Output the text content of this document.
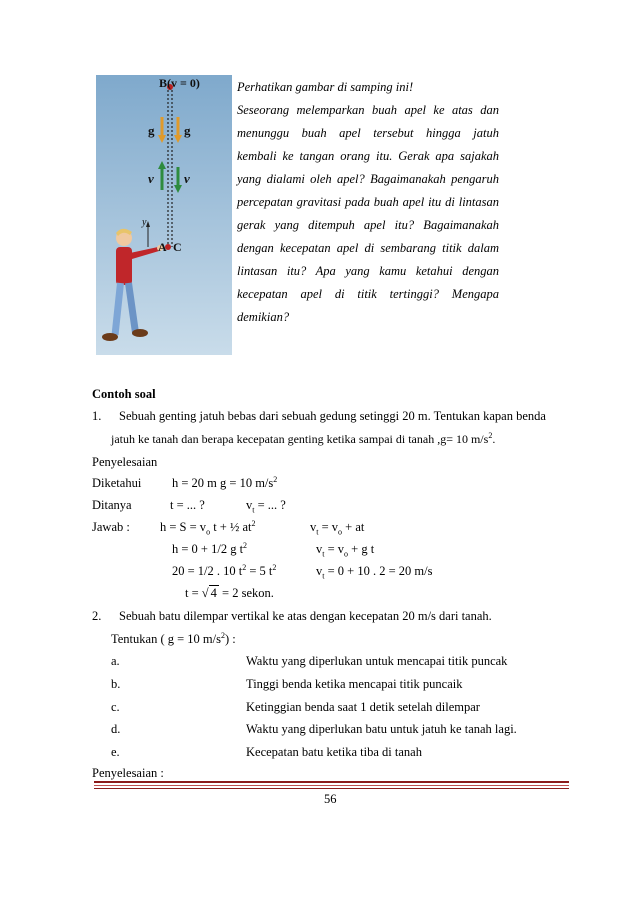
B(v = 0)
g g
v v
y
A C
Perhatikan gambar di samping ini!
Seseorang melemparkan buah apel ke atas dan
menunggu buah apel tersebut hingga jatuh
kembali ke tangan orang itu. Gerak apa sajakah
yang dialami oleh apel? Bagaimanakah pengaruh
percepatan gravitasi pada buah apel itu di lintasan
gerak yang ditempuh apel itu? Bagaimanakah
dengan kecepatan apel di sembarang titik dalam
lintasan itu? Apa yang kamu ketahui dengan
kecepatan apel di titik tertinggi? Mengapa
demikian?
Contoh soal
1. Sebuah genting jatuh bebas dari sebuah gedung setinggi 20 m. Tentukan kapan benda
jatuh ke tanah dan berapa kecepatan genting ketika sampai di tanah ,g= 10 $m/s^2$.
Penyelesaian
Diketahui h = 20 m g = 10 $m/s^2$
Ditanya	t = ... ?	$v_t$ = ... ?
Jawab : $h = S = v_o$ t + ½ $at^2$	$v_t = v_o$ + at
h = 0 + 1/2 g $t^2$	$v_t = v_o + g$ t
20 = 1/2 . 10 $t^2 = 5$ $t^2$	$v_t = 0 + 10$ . 2 = 20 m/s
t = √ 4 = 2 sekon.
2. Sebuah batu dilempar vertikal ke atas dengan kecepatan 20 m/s dari tanah.
Tentukan ( g = 10 $m/s^2$) :
a.	Waktu yang diperlukan untuk mencapai titik puncak
b.	Tinggi benda ketika mencapai titik puncaik
c.	Ketinggian benda saat 1 detik setelah dilempar
d.	Waktu yang diperlukan batu untuk jatuh ke tanah lagi.
e.	Kecepatan batu ketika tiba di tanah
Penyelesaian :
56
